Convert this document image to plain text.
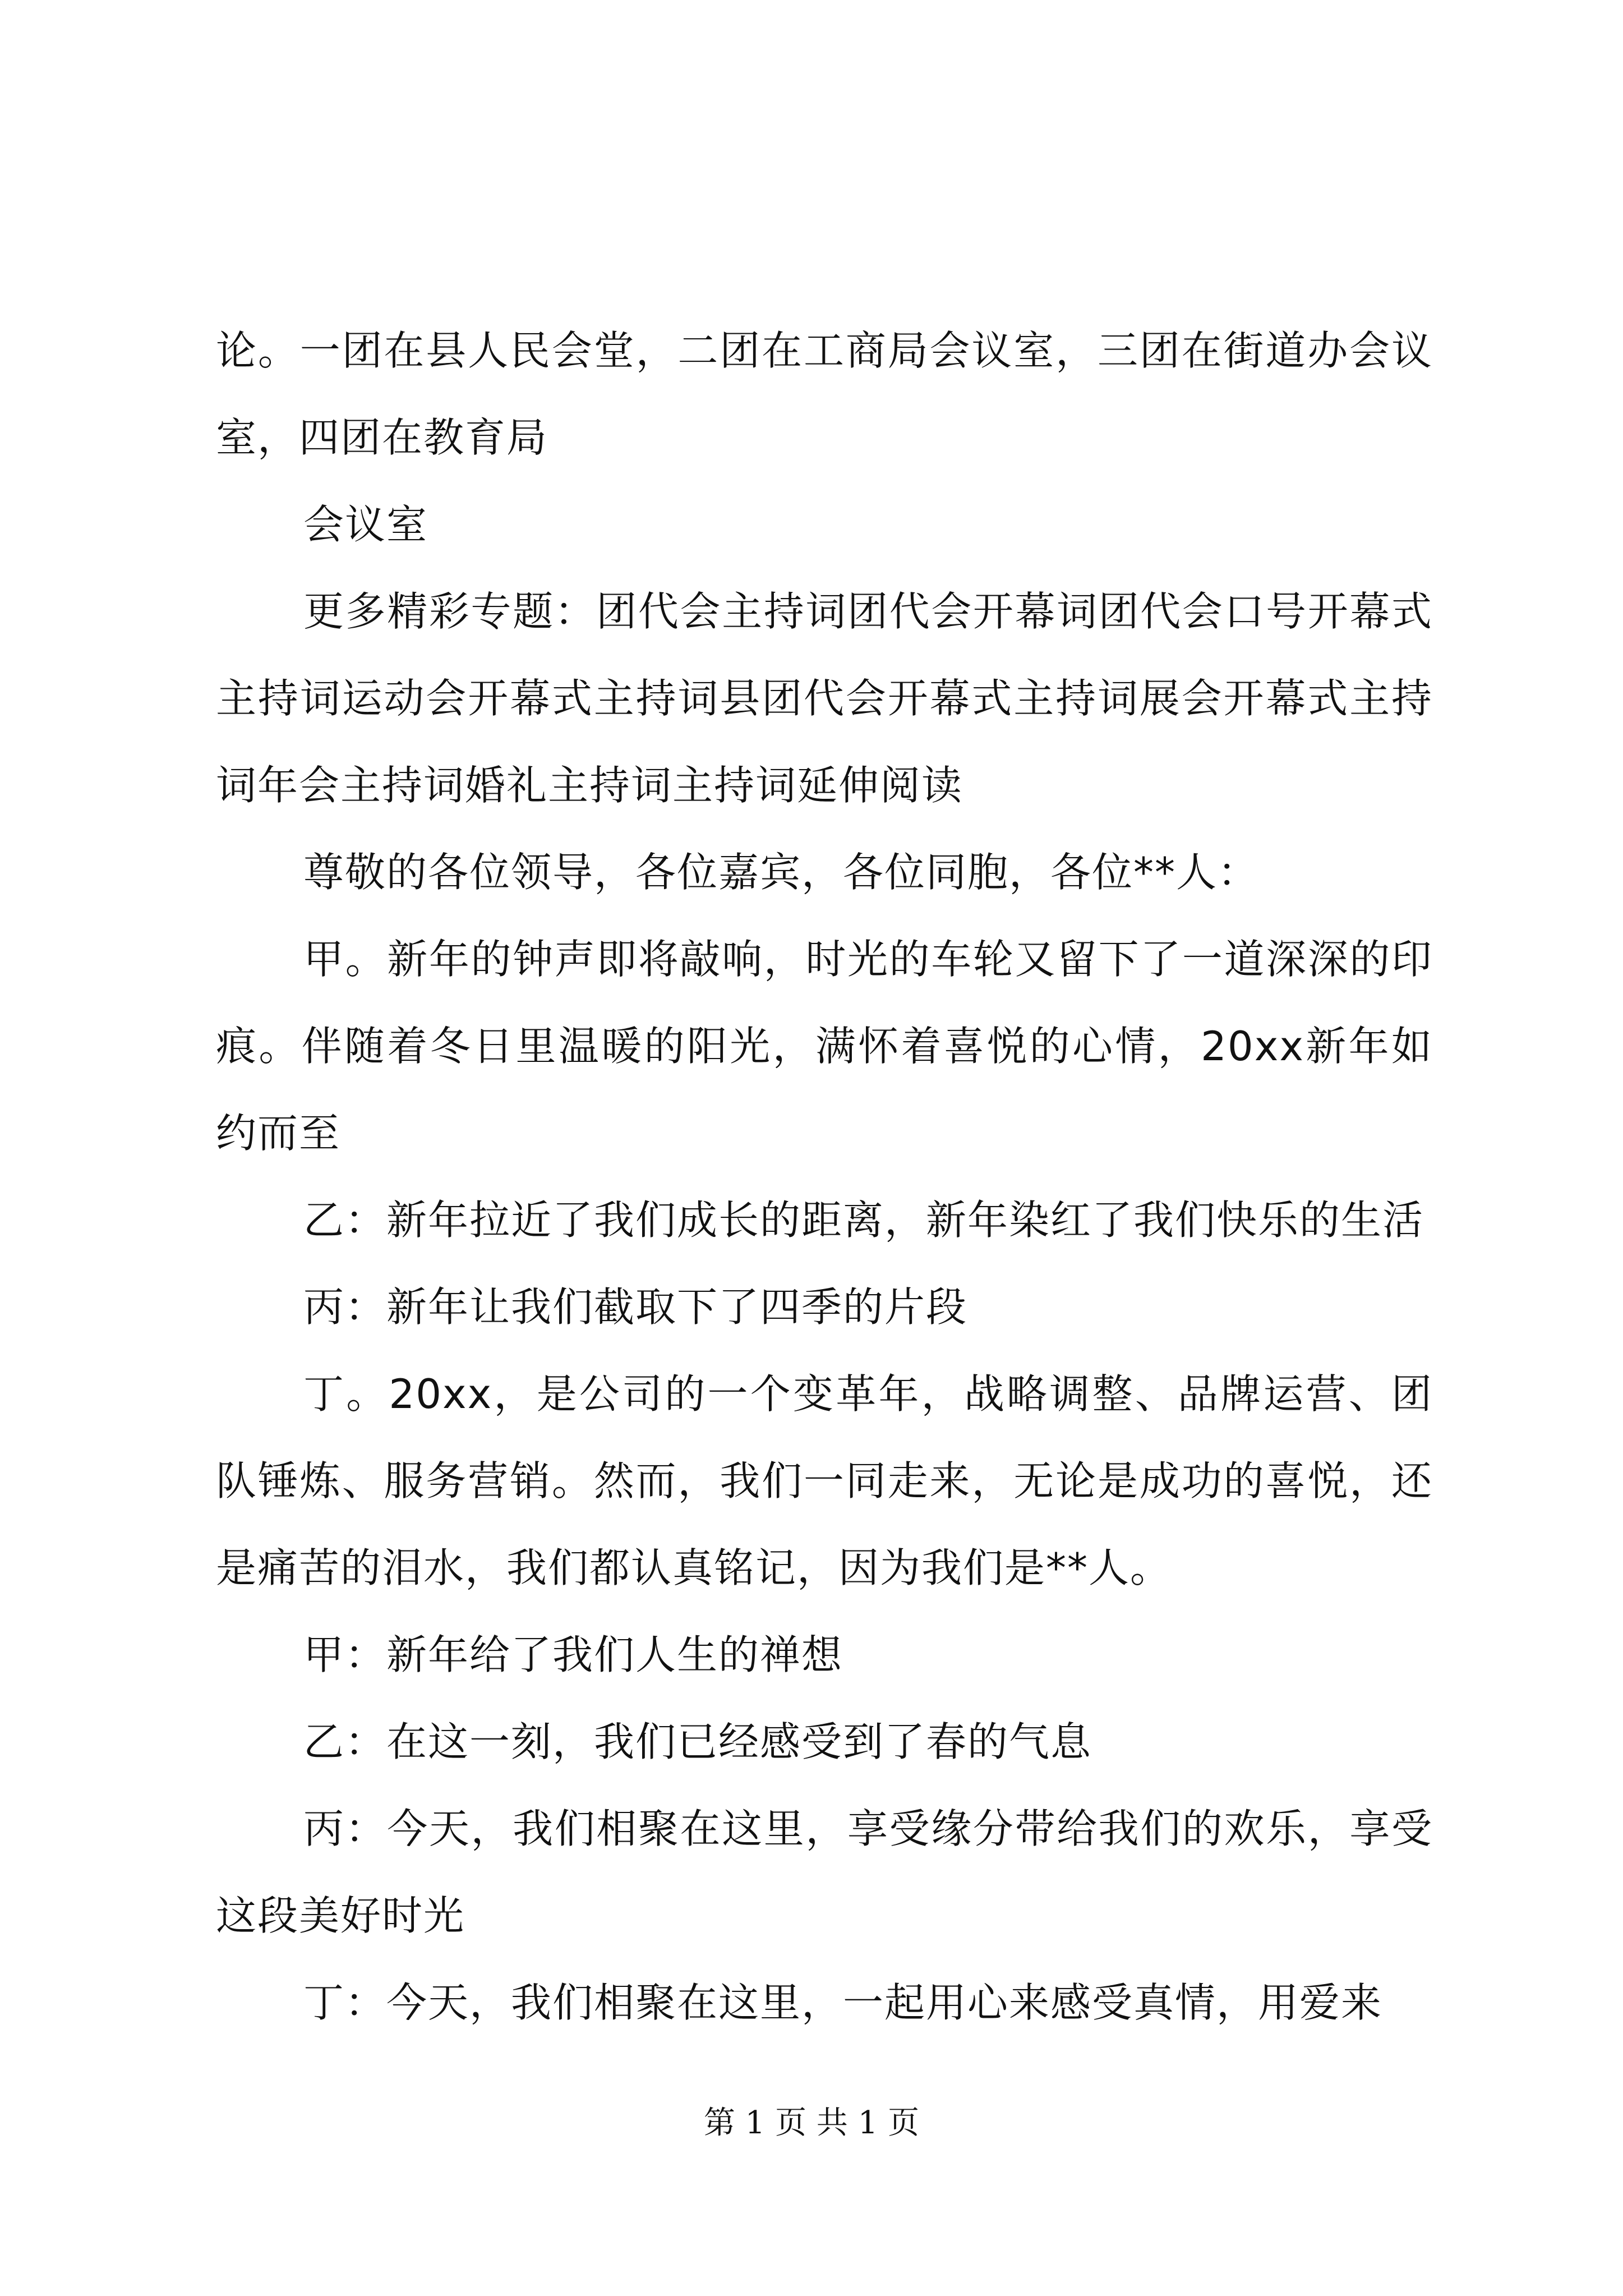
论。一团在县人民会堂，二团在工商局会议室，三团在街道办会议室，四团在教育局

会议室

更多精彩专题：团代会主持词团代会开幕词团代会口号开幕式主持词运动会开幕式主持词县团代会开幕式主持词展会开幕式主持词年会主持词婚礼主持词主持词延伸阅读

尊敬的各位领导，各位嘉宾，各位同胞，各位**人：

甲。新年的钟声即将敲响，时光的车轮又留下了一道深深的印痕。伴随着冬日里温暖的阳光，满怀着喜悦的心情，20xx新年如约而至

乙：新年拉近了我们成长的距离，新年染红了我们快乐的生活

丙：新年让我们截取下了四季的片段

丁。20xx，是公司的一个变革年，战略调整、品牌运营、团队锤炼、服务营销。然而，我们一同走来，无论是成功的喜悦，还是痛苦的泪水，我们都认真铭记，因为我们是**人。

甲：新年给了我们人生的禅想

乙：在这一刻，我们已经感受到了春的气息

丙：今天，我们相聚在这里，享受缘分带给我们的欢乐，享受这段美好时光

丁：今天，我们相聚在这里，一起用心来感受真情，用爱来

第 1 页 共 1 页
